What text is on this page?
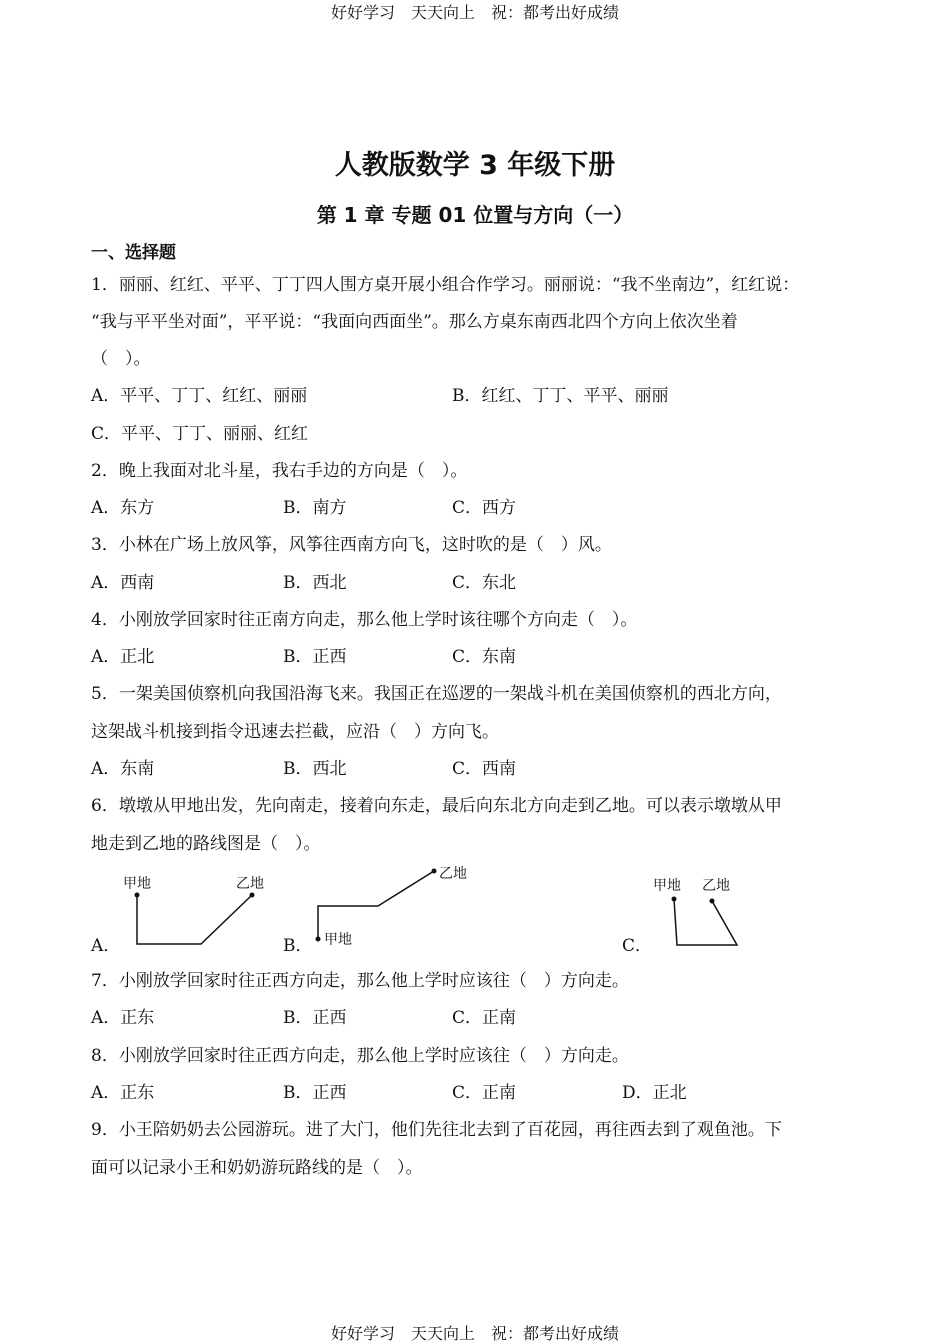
好好学习　天天向上　祝：都考出好成绩
人教版数学 3 年级下册
第 1 章 专题 01 位置与方向（一）
一、选择题
1．丽丽、红红、平平、丁丁四人围方桌开展小组合作学习。丽丽说：“我不坐南边”，红红说：
“我与平平坐对面”，平平说：“我面向西面坐”。那么方桌东南西北四个方向上依次坐着
（　）。
A．平平、丁丁、红红、丽丽	B．红红、丁丁、平平、丽丽
C．平平、丁丁、丽丽、红红
2．晚上我面对北斗星，我右手边的方向是（　）。
A．东方	B．南方	C．西方
3．小林在广场上放风筝，风筝往西南方向飞，这时吹的是（　）风。
A．西南	B．西北	C．东北
4．小刚放学回家时往正南方向走，那么他上学时该往哪个方向走（　）。
A．正北	B．正西	C．东南
5．一架美国侦察机向我国沿海飞来。我国正在巡逻的一架战斗机在美国侦察机的西北方向，
这架战斗机接到指令迅速去拦截，应沿（　）方向飞。
A．东南	B．西北	C．西南
6．墩墩从甲地出发，先向南走，接着向东走，最后向东北方向走到乙地。可以表示墩墩从甲
地走到乙地的路线图是（　）。
A．
甲地	乙地
B．
乙地
甲地	C．
甲地 乙地
7．小刚放学回家时往正西方向走，那么他上学时应该往（　）方向走。
A．正东	B．正西	C．正南
8．小刚放学回家时往正西方向走，那么他上学时应该往（　）方向走。
A．正东	B．正西	C．正南	D．正北
9．小王陪奶奶去公园游玩。进了大门，他们先往北去到了百花园，再往西去到了观鱼池。下
面可以记录小王和奶奶游玩路线的是（　）。
好好学习　天天向上　祝：都考出好成绩
